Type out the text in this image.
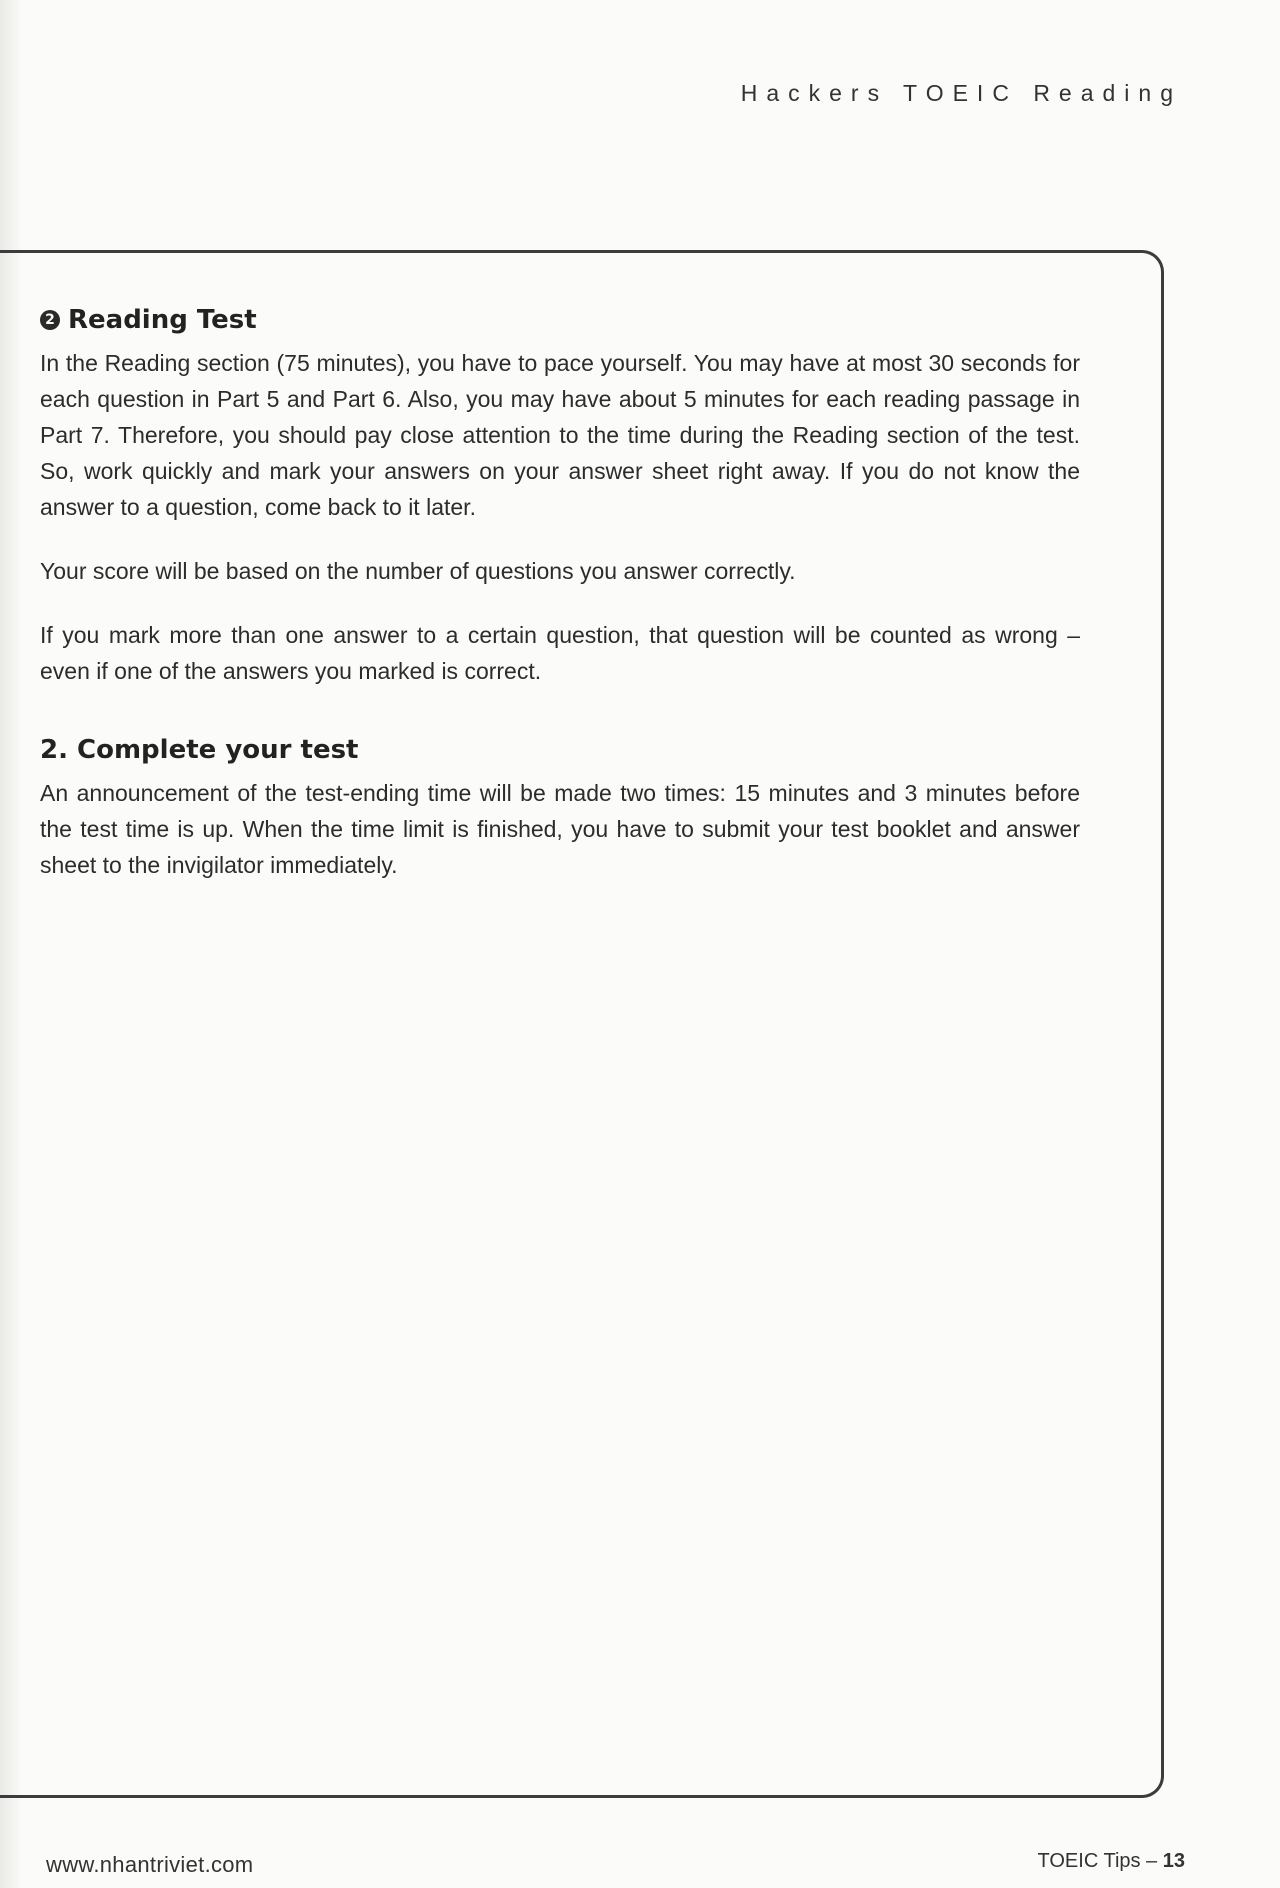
Hackers TOEIC Reading
2 Reading Test

In the Reading section (75 minutes), you have to pace yourself. You may have at most 30 seconds for each question in Part 5 and Part 6. Also, you may have about 5 minutes for each reading passage in Part 7. Therefore, you should pay close attention to the time during the Reading section of the test. So, work quickly and mark your answers on your answer sheet right away. If you do not know the answer to a question, come back to it later.

Your score will be based on the number of questions you answer correctly.

If you mark more than one answer to a certain question, that question will be counted as wrong – even if one of the answers you marked is correct.

2. Complete your test

An announcement of the test-ending time will be made two times: 15 minutes and 3 minutes before the test time is up. When the time limit is finished, you have to submit your test booklet and answer sheet to the invigilator immediately.

www.nhantriviet.com	TOEIC Tips – 13
